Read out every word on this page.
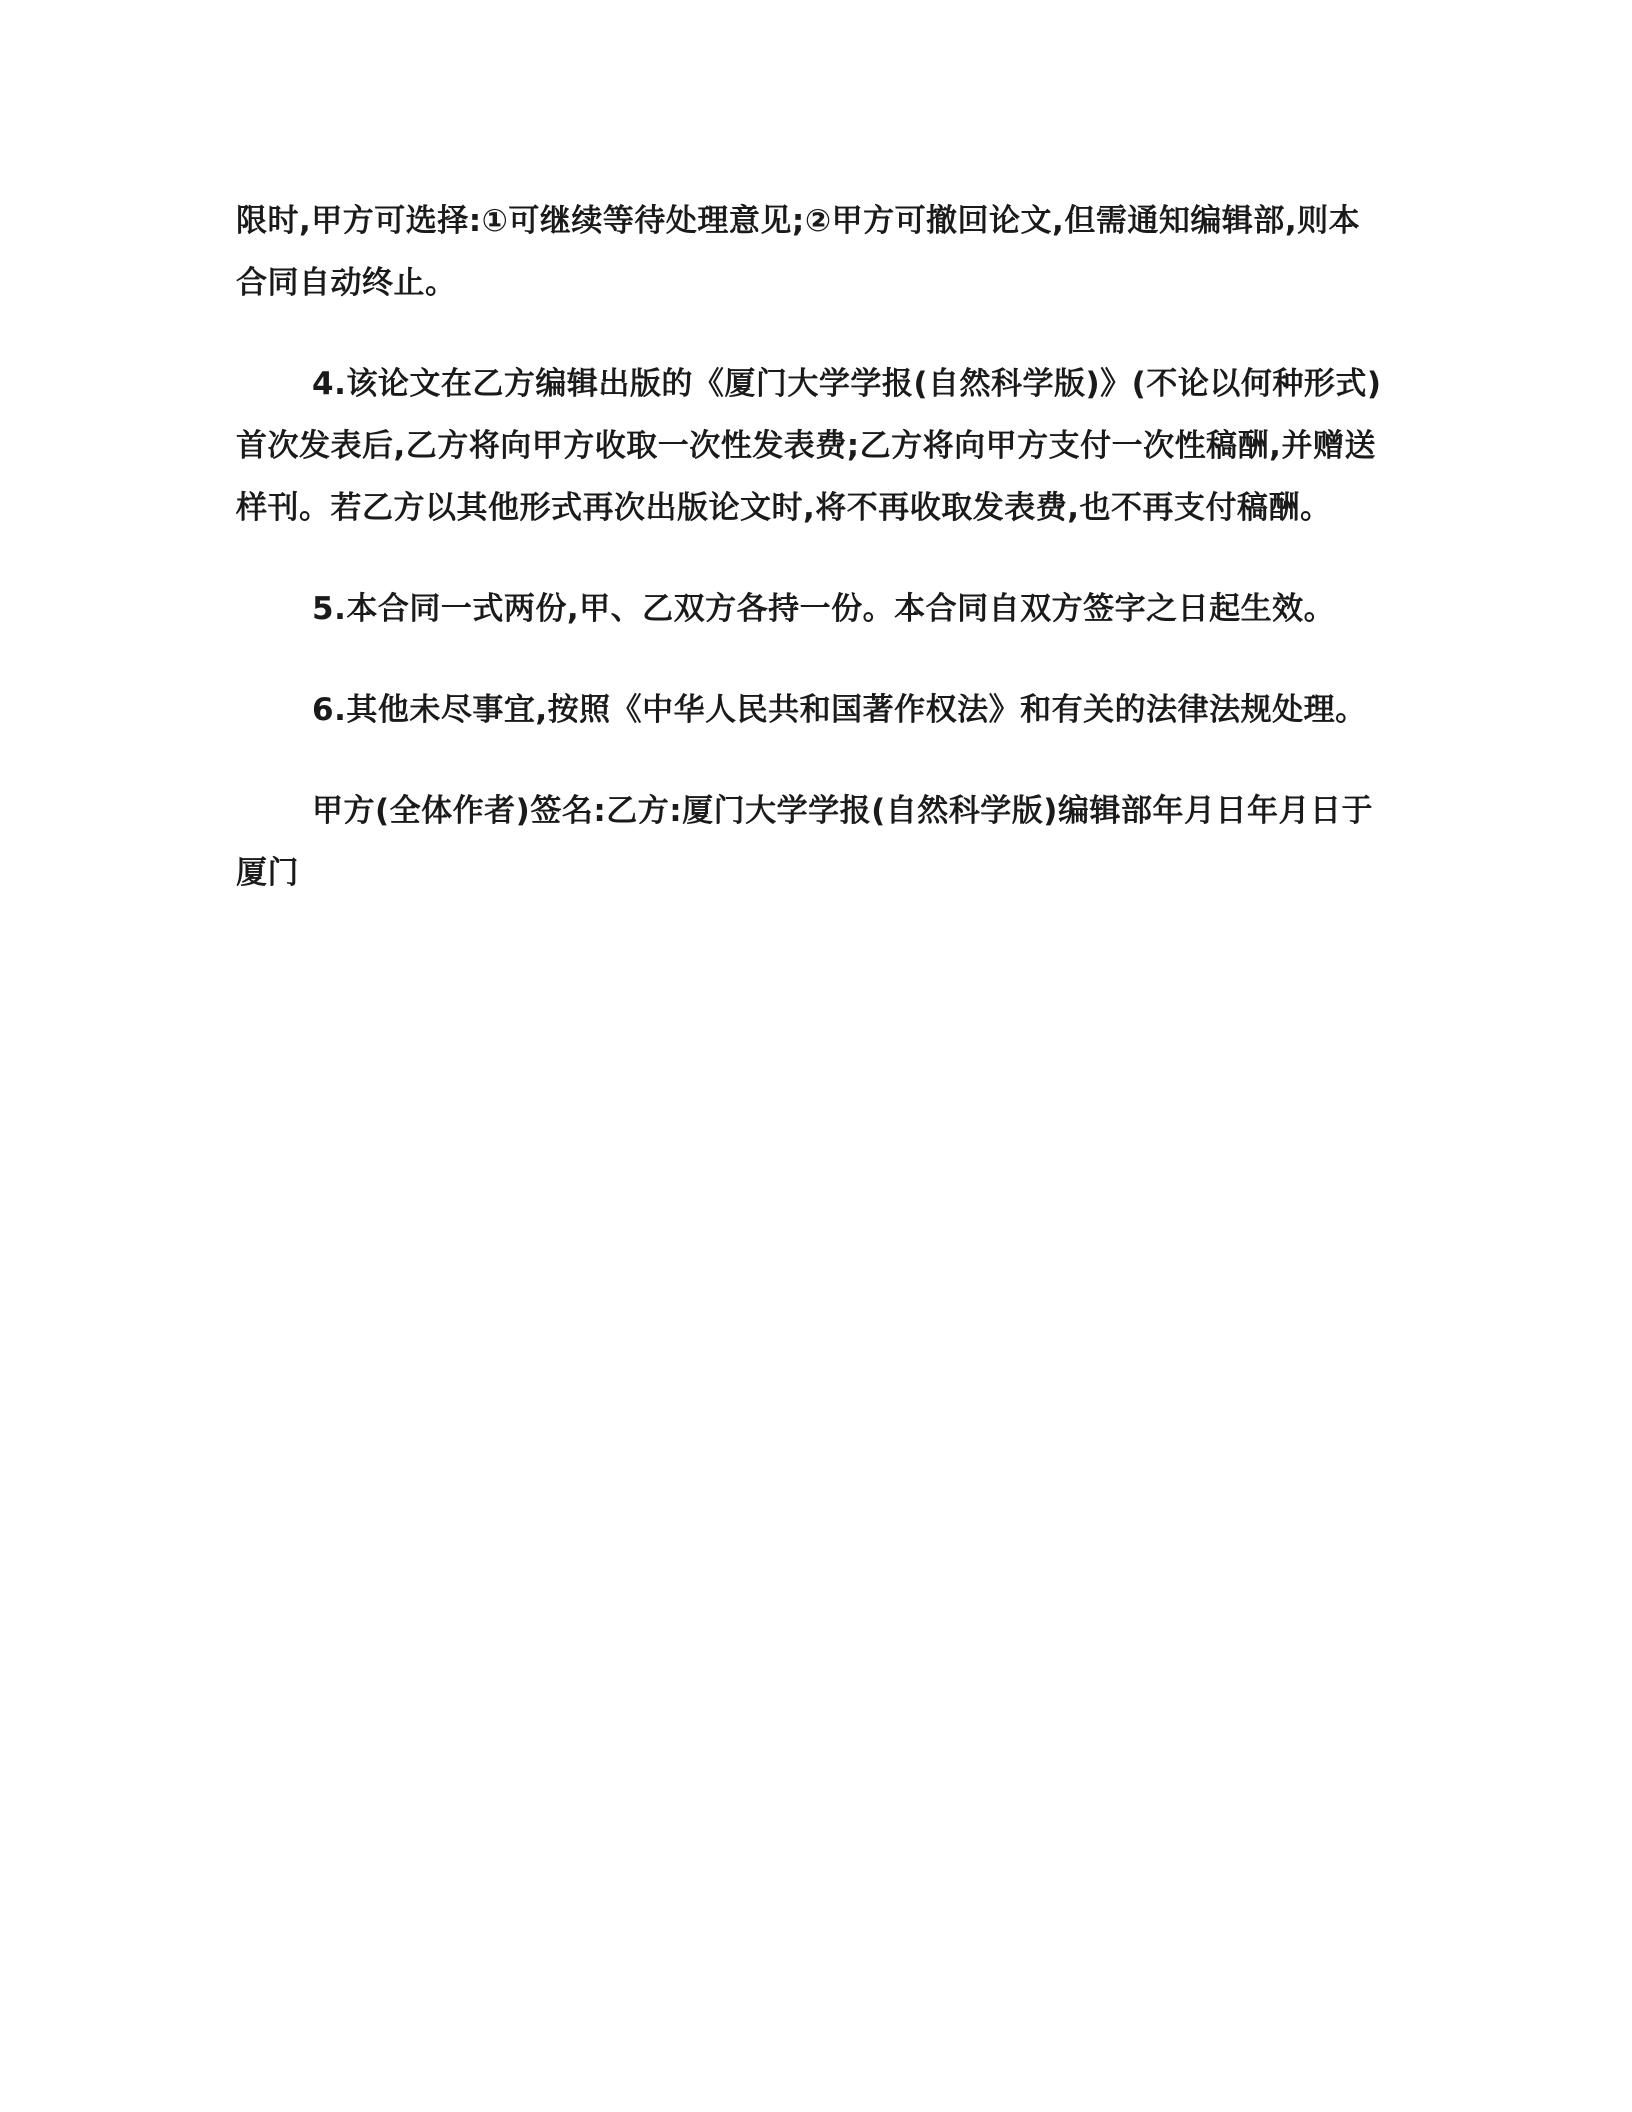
限时,甲方可选择:①可继续等待处理意见;②甲方可撤回论文,但需通知编辑部,则本合同自动终止。

4.该论文在乙方编辑出版的《厦门大学学报(自然科学版)》(不论以何种形式)首次发表后,乙方将向甲方收取一次性发表费;乙方将向甲方支付一次性稿酬,并赠送样刊。若乙方以其他形式再次出版论文时,将不再收取发表费,也不再支付稿酬。

5.本合同一式两份,甲、乙双方各持一份。本合同自双方签字之日起生效。

6.其他未尽事宜,按照《中华人民共和国著作权法》和有关的法律法规处理。

甲方(全体作者)签名:乙方:厦门大学学报(自然科学版)编辑部年月日年月日于厦门
